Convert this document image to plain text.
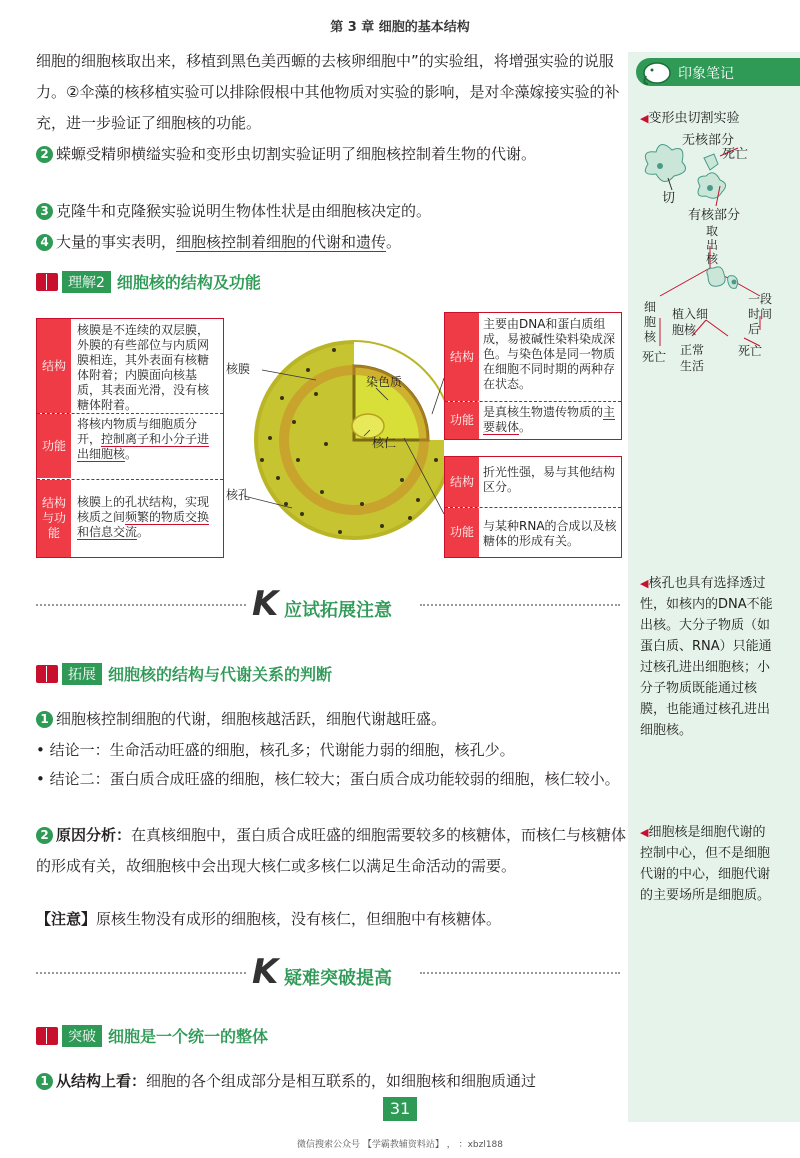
第 3 章 细胞的基本结构
印象笔记
◀变形虫切割实验
无核部分
死亡
切
有核部分
取出核
细胞核
植入细胞核
正常生活
一段时间后
死亡	死亡
◀核孔也具有选择透过性，如核内的DNA不能出核。大分子物质（如蛋白质、RNA）只能通过核孔进出细胞核；小分子物质既能通过核膜，也能通过核孔进出细胞核。
◀细胞核是细胞代谢的控制中心，但不是细胞代谢的中心，细胞代谢的主要场所是细胞质。
细胞的细胞核取出来，移植到黑色美西螈的去核卵细胞中”的实验组，将增强实验的说服力。②伞藻的核移植实验可以排除假根中其他物质对实验的影响，是对伞藻嫁接实验的补充，进一步验证了细胞核的功能。
2 蝾螈受精卵横缢实验和变形虫切割实验证明了细胞核控制着生物的代谢。
3 克隆牛和克隆猴实验说明生物体性状是由细胞核决定的。
4 大量的事实表明，细胞核控制着细胞的代谢和遗传。
理解2 细胞核的结构及功能
结构
核膜是不连续的双层膜，外膜的有些部位与内质网膜相连，其外表面有核糖体附着；内膜面向核基质，其表面光滑，没有核糖体附着。
功能
将核内物质与细胞质分开，控制离子和小分子进出细胞核。
结构与功能
核膜上的孔状结构，实现核质之间频繁的物质交换和信息交流。
核膜
染色质
核仁
核孔
结构
主要由DNA和蛋白质组成，易被碱性染料染成深色。与染色体是同一物质在细胞不同时期的两种存在状态。
功能
是真核生物遗传物质的主要载体。
结构
折光性强，易与其他结构区分。
功能 与某种RNA的合成以及核糖体的形成有关。
K 应试拓展注意
拓展 细胞核的结构与代谢关系的判断
1 细胞核控制细胞的代谢，细胞核越活跃，细胞代谢越旺盛。
• 结论一：生命活动旺盛的细胞，核孔多；代谢能力弱的细胞，核孔少。
• 结论二：蛋白质合成旺盛的细胞，核仁较大；蛋白质合成功能较弱的细胞，核仁较小。
2 原因分析：在真核细胞中，蛋白质合成旺盛的细胞需要较多的核糖体，而核仁与核糖体的形成有关，故细胞核中会出现大核仁或多核仁以满足生命活动的需要。
【注意】原核生物没有成形的细胞核，没有核仁，但细胞中有核糖体。
K 疑难突破提高
突破 细胞是一个统一的整体
1 从结构上看：细胞的各个组成部分是相互联系的，如细胞核和细胞质通过
31
微信搜索公众号 【学霸教辅资料站】 ， ：xbzl188
